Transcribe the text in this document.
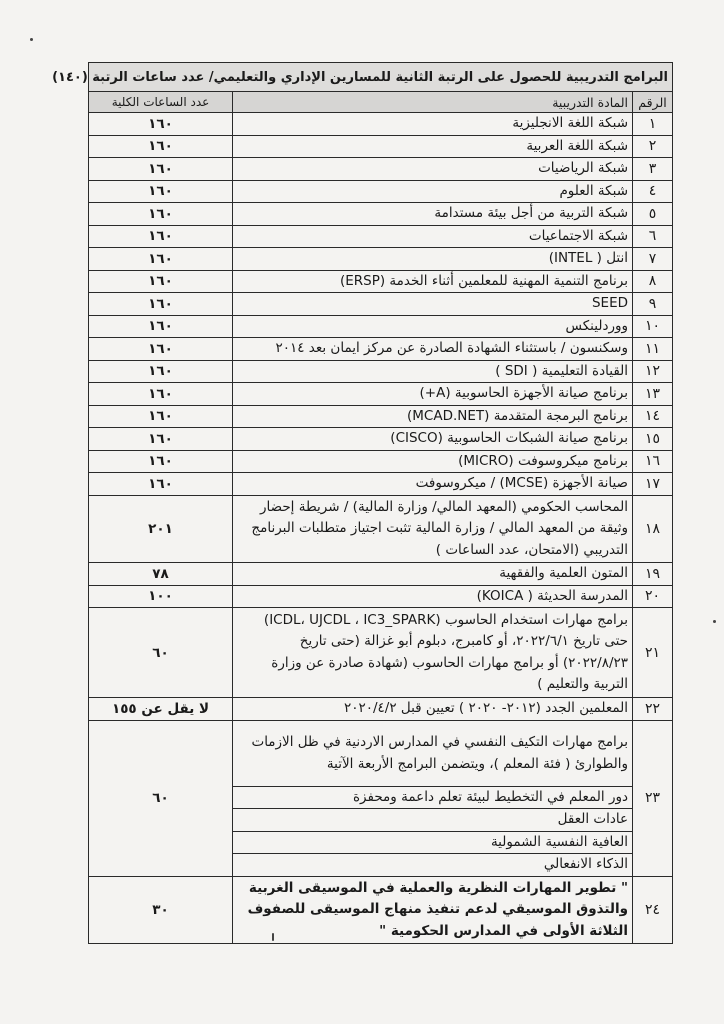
البرامج التدريبية للحصول على الرتبة الثانية للمسارين الإداري والتعليمي/ عدد ساعات الرتبة (١٤٠)		
الرقم	المادة التدريبية	عدد الساعات الكلية
١	شبكة اللغة الانجليزية	١٦٠
٢	شبكة اللغة العربية	١٦٠
٣	شبكة الرياضيات	١٦٠
٤	شبكة العلوم	١٦٠
٥	شبكة التربية من أجل بيئة مستدامة	١٦٠
٦	شبكة الاجتماعيات	١٦٠
٧	انتل ( INTEL)	١٦٠
٨	برنامج التنمية المهنية للمعلمين أثناء الخدمة (ERSP)	١٦٠
٩	SEED	١٦٠
١٠	ووردلينكس	١٦٠
١١	وسكنسون / باستثناء الشهادة الصادرة عن مركز ايمان بعد ٢٠١٤	١٦٠
١٢	القيادة التعليمية ( SDI )	١٦٠
١٣	برنامج صيانة الأجهزة الحاسوبية (A+)	١٦٠
١٤	برنامج البرمجة المتقدمة (MCAD.NET)	١٦٠
١٥	برنامج صيانة الشبكات الحاسوبية (CISCO)	١٦٠
١٦	برنامج ميكروسوفت (MICRO)	١٦٠
١٧	صيانة الأجهزة (MCSE) / ميكروسوفت	١٦٠
١٨	المحاسب الحكومي (المعهد المالي/ وزارة المالية) / شريطة إحضار وثيقة من المعهد المالي / وزارة المالية تثبت اجتياز متطلبات البرنامج التدريبي (الامتحان، عدد الساعات )	٢٠١
١٩	المتون العلمية والفقهية	٧٨
٢٠	المدرسة الحديثة ( KOICA)	١٠٠
٢١	برامج مهارات استخدام الحاسوب (ICDL، UJCDL ، IC3_SPARK) حتى تاريخ ٢٠٢٢/٦/١، أو كامبرج، دبلوم أبو غزالة (حتى تاريخ ٢٠٢٢/٨/٢٣) أو برامج مهارات الحاسوب (شهادة صادرة عن وزارة التربية والتعليم )	٦٠
٢٢	المعلمين الجدد (٢٠١٢- ٢٠٢٠ ) تعيين قبل ٢٠٢٠/٤/٢	لا يقل عن ١٥٥
٢٣	برامج مهارات التكيف النفسي في المدارس الاردنية في ظل الازمات والطوارئ ( فئة المعلم )، ويتضمن البرامج الأربعة الآتية	٦٠
	دور المعلم في التخطيط لبيئة تعلم داعمة ومحفزة	
	عادات العقل	
	العافية النفسية الشمولية	
	الذكاء الانفعالي	
٢٤	" تطوير المهارات النظرية والعملية في الموسيقى الغربية والتذوق الموسيقي لدعم تنفيذ منهاج الموسيقى للصفوف الثلاثة الأولى في المدارس الحكومية "	٣٠
